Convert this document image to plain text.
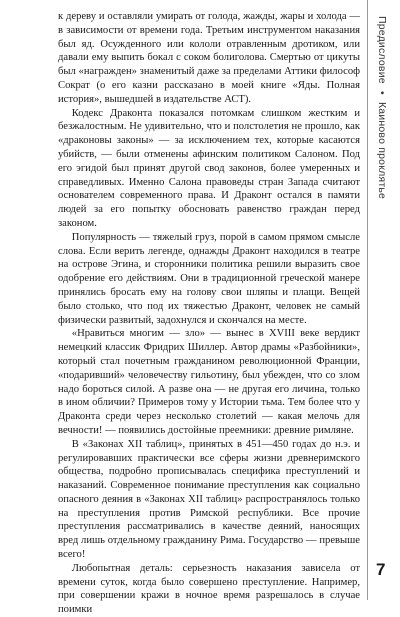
к дереву и оставляли умирать от голода, жажды, жары и холода — в зависимости от времени года. Третьим инструментом наказания был яд. Осужденного или кололи отравленным дротиком, или давали ему выпить бокал с соком болиголова. Смертью от цикуты был «награжден» знаменитый даже за пределами Аттики философ Сократ (о его казни рассказано в моей книге «Яды. Полная история», вышедшей в издательстве АСТ).

Кодекс Драконта показался потомкам слишком жестким и безжалостным. Не удивительно, что и полстолетия не прошло, как «драконовы законы» — за исключением тех, которые касаются убийств, — были отменены афинским политиком Салоном. Под его эгидой был принят другой свод законов, более умеренных и справедливых. Именно Салона правоведы стран Запада считают основателем современного права. И Драконт остался в памяти людей за его попытку обосновать равенство граждан перед законом.

Популярность — тяжелый груз, порой в самом прямом смысле слова. Если верить легенде, однажды Драконт находился в театре на острове Эгина, и сторонники политика решили выразить свое одобрение его действиям. Они в традиционной греческой манере принялись бросать ему на голову свои шляпы и плащи. Вещей было столько, что под их тяжестью Драконт, человек не самый физически развитый, задохнулся и скончался на месте.

«Нравиться многим — зло» — вынес в XVIII веке вердикт немецкий классик Фридрих Шиллер. Автор драмы «Разбойники», который стал почетным гражданином революционной Франции, «подаривший» человечеству гильотину, был убежден, что со злом надо бороться силой. А разве она — не другая его личина, только в ином обличии? Примеров тому у Истории тьма. Тем более что у Драконта среди через несколько столетий — какая мелочь для вечности! — появились достойные преемники: древние римляне.

В «Законах XII таблиц», принятых в 451—450 годах до н.э. и регулировавших практически все сферы жизни древнеримского общества, подробно прописывалась специфика преступлений и наказаний. Современное понимание преступления как социально опасного деяния в «Законах XII таблиц» распространялось только на преступления против Римской республики. Все прочие преступления рассматривались в качестве деяний, наносящих вред лишь отдельному гражданину Рима. Государство — превыше всего!

Любопытная деталь: серьезность наказания зависела от времени суток, когда было совершено преступление. Например, при совершении кражи в ночное время разрешалось в случае поимки

Предисловие • Каиново проклятье
7
